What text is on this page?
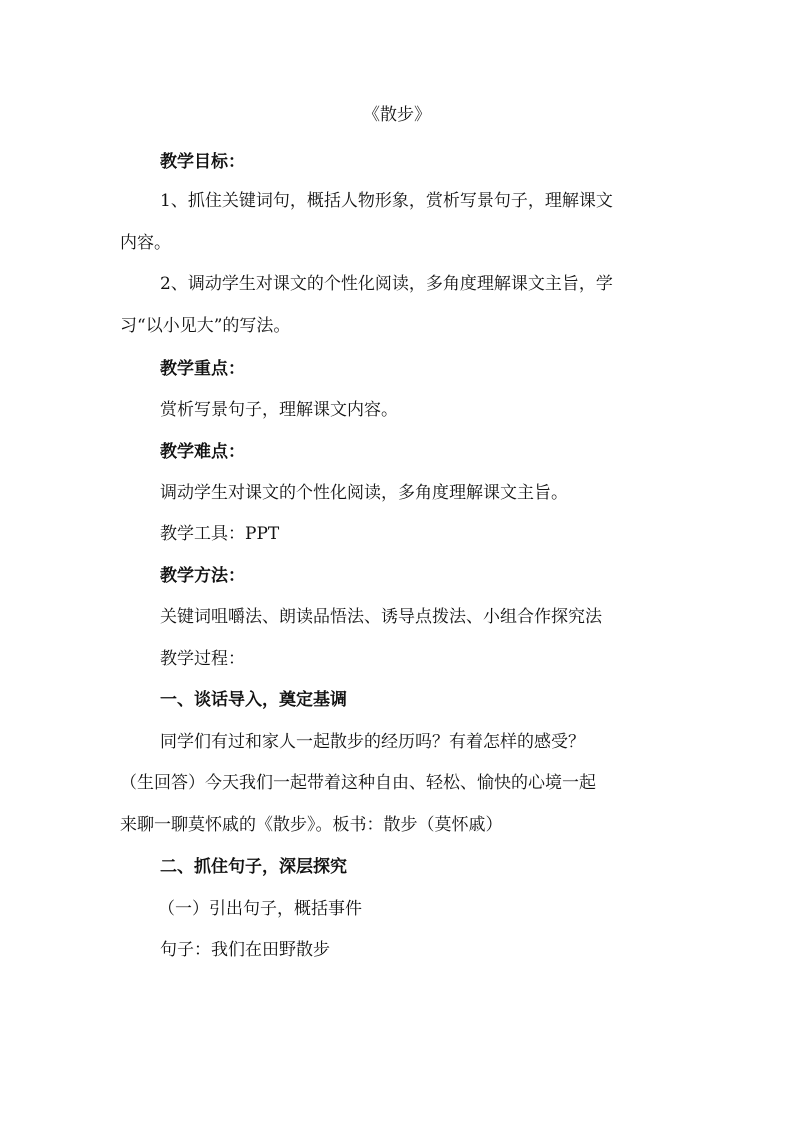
《散步》
教学目标：
1、抓住关键词句，概括人物形象，赏析写景句子，理解课文
内容。
2、调动学生对课文的个性化阅读，多角度理解课文主旨，学
习“以小见大”的写法。
教学重点：
赏析写景句子，理解课文内容。
教学难点：
调动学生对课文的个性化阅读，多角度理解课文主旨。
教学工具：PPT
教学方法：
关键词咀嚼法、朗读品悟法、诱导点拨法、小组合作探究法
教学过程：
一、谈话导入，奠定基调
同学们有过和家人一起散步的经历吗？有着怎样的感受？
（生回答）今天我们一起带着这种自由、轻松、愉快的心境一起
来聊一聊莫怀戚的《散步》。板书：散步（莫怀戚）
二、抓住句子，深层探究
（一）引出句子，概括事件
句子：我们在田野散步
